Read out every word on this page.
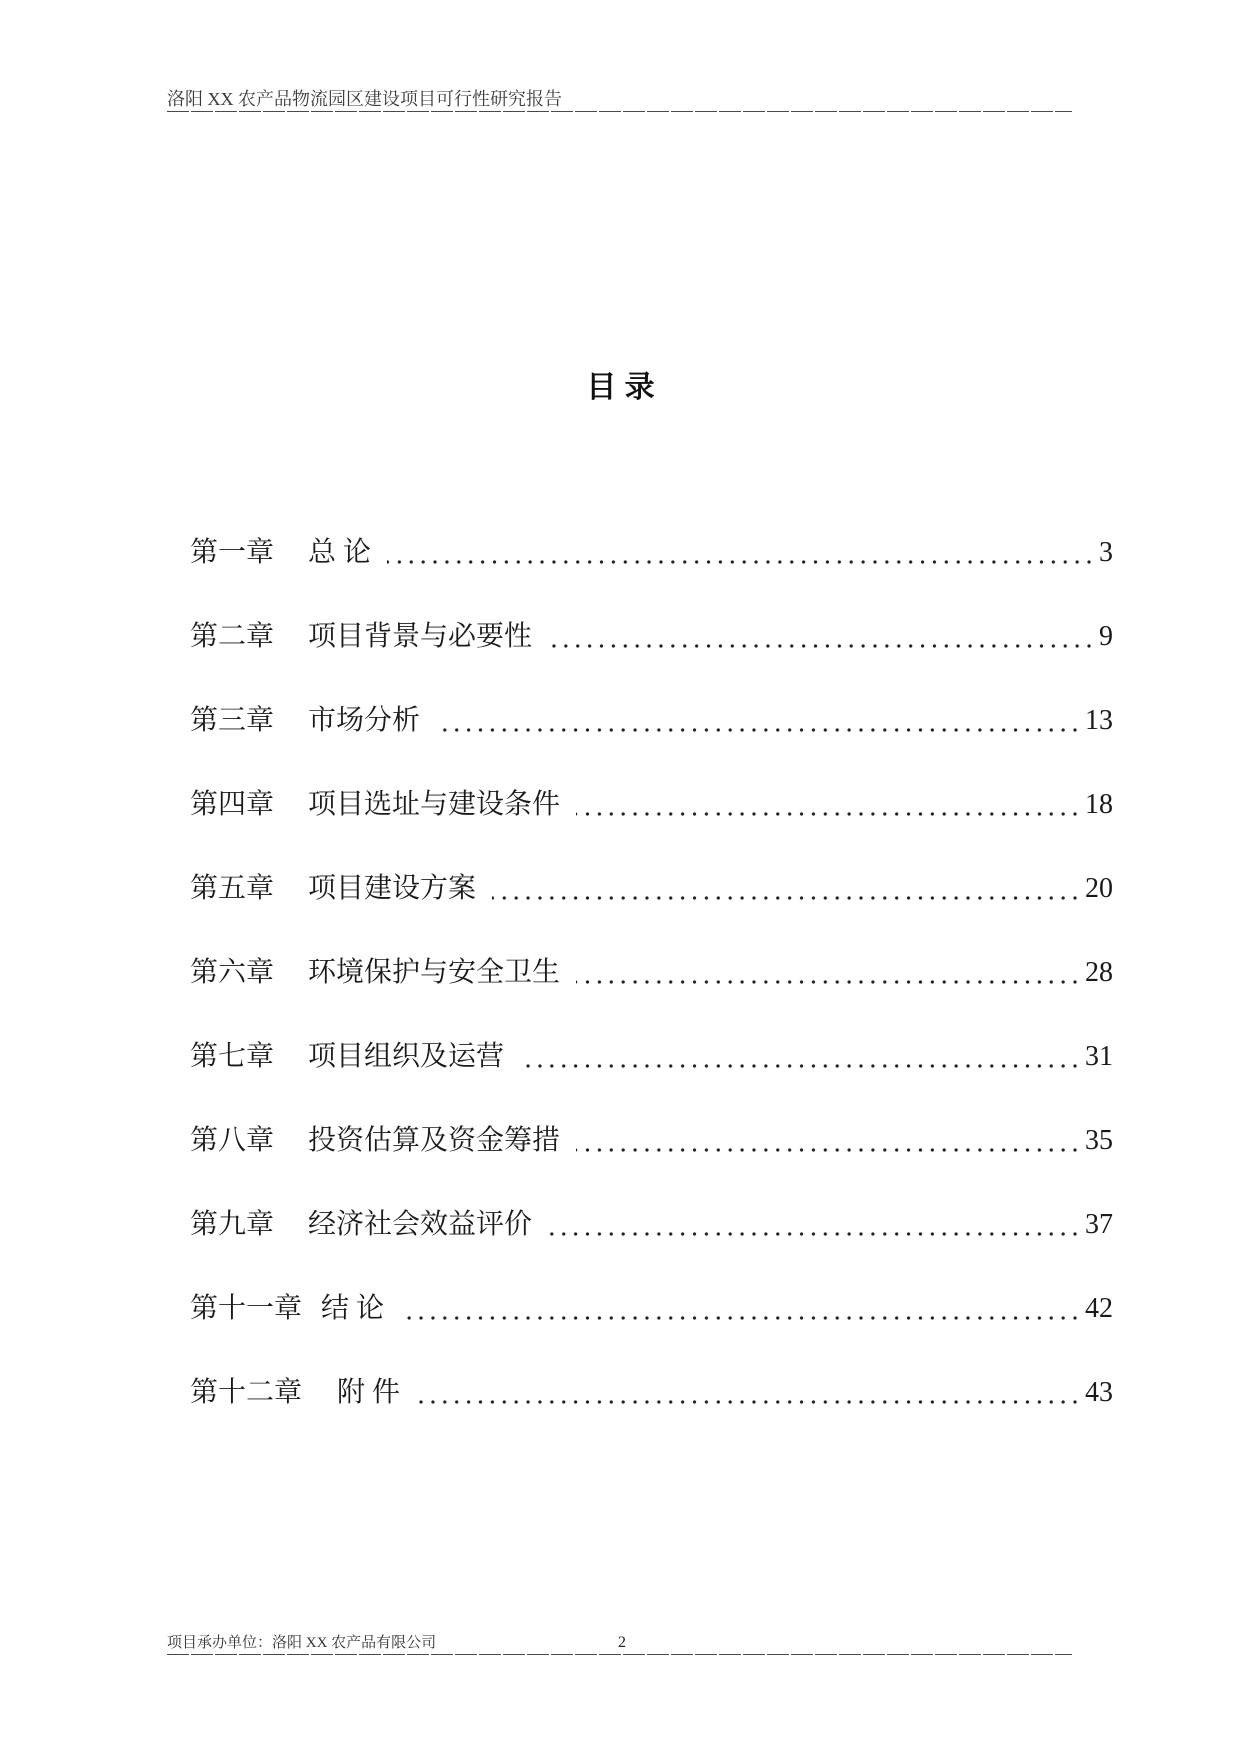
洛阳 XX 农产品物流园区建设项目可行性研究报告
目 录
第一章 总 论	3
第二章 项目背景与必要性	9
第三章 市场分析	13
第四章 项目选址与建设条件	18
第五章 项目建设方案	20
第六章 环境保护与安全卫生	28
第七章 项目组织及运营	31
第八章 投资估算及资金筹措	35
第九章 经济社会效益评价	37
第十一章 结 论	42
第十二章 附 件	43
项目承办单位：洛阳 XX 农产品有限公司	2
